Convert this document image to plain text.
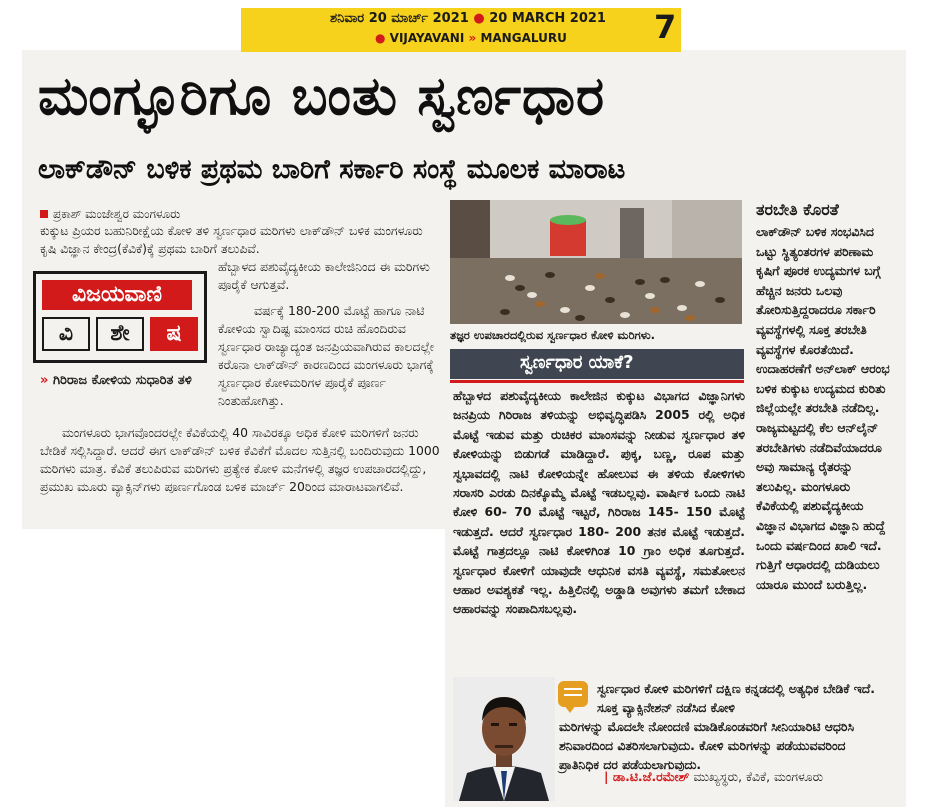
ಶನಿವಾರ 20 ಮಾರ್ಚ್ 2021 ● 20 MARCH 2021
● VIJAYAVANI » MANGALURU	7
ಮಂಗ್ಳೂರಿಗೂ ಬಂತು ಸ್ವರ್ಣಧಾರ
ಲಾಕ್‌ಡೌನ್ ಬಳಿಕ ಪ್ರಥಮ ಬಾರಿಗೆ ಸರ್ಕಾರಿ ಸಂಸ್ಥೆ ಮೂಲಕ ಮಾರಾಟ
ಪ್ರಕಾಶ್ ಮಂಜೇಶ್ವರ ಮಂಗಳೂರು
ಕುಕ್ಕುಟ ಪ್ರಿಯರ ಬಹುನಿರೀಕ್ಷೆಯ ಕೋಳಿ ತಳಿ ಸ್ವರ್ಣಧಾರ ಮರಿಗಳು ಲಾಕ್‌ಡೌನ್ ಬಳಿಕ ಮಂಗಳೂರು ಕೃಷಿ ವಿಜ್ಞಾನ ಕೇಂದ್ರ(ಕೆವಿಕೆ)ಕ್ಕೆ ಪ್ರಥಮ ಬಾರಿಗೆ ತಲುಪಿವೆ.
ವಿಜಯವಾಣಿ
ವಿ	ಶೇ	ಷ
ಹೆಬ್ಬಾಳದ ಪಶುವೈದ್ಯಕೀಯ ಕಾಲೇಜಿನಿಂದ ಈ ಮರಿಗಳು ಪೂರೈಕೆ ಆಗುತ್ತವೆ.
ವರ್ಷಕ್ಕೆ 180-200 ಮೊಟ್ಟೆ ಹಾಗೂ ನಾಟಿ ಕೋಳಿಯ ಸ್ವಾದಿಷ್ಟ ಮಾಂಸದ ರುಚಿ ಹೊಂದಿರುವ ಸ್ವರ್ಣಧಾರ ರಾಜ್ಯಾದ್ಯಂತ ಜನಪ್ರಿಯವಾಗಿರುವ ಕಾಲದಲ್ಲೇ ಕರೊನಾ ಲಾಕ್‌ಡೌನ್ ಕಾರಣದಿಂದ ಮಂಗಳೂರು ಭಾಗಕ್ಕೆ ಸ್ವರ್ಣಧಾರ ಕೋಳಿಮರಿಗಳ ಪೂರೈಕೆ ಪೂರ್ಣ ನಿಂತುಹೋಗಿತ್ತು.
» ಗಿರಿರಾಜ ಕೋಳಿಯ ಸುಧಾರಿತ ತಳಿ
ಮಂಗಳೂರು ಭಾಗವೊಂದರಲ್ಲೇ ಕೆವಿಕೆಯಲ್ಲಿ 40 ಸಾವಿರಕ್ಕೂ ಅಧಿಕ ಕೋಳಿ ಮರಿಗಳಿಗೆ ಜನರು ಬೇಡಿಕೆ ಸಲ್ಲಿಸಿದ್ದಾರೆ. ಆದರೆ ಈಗ ಲಾಕ್‌ಡೌನ್ ಬಳಿಕ ಕೆವಿಕೆಗೆ ಮೊದಲ ಸುತ್ತಿನಲ್ಲಿ ಬಂದಿರುವುದು 1000 ಮರಿಗಳು ಮಾತ್ರ. ಕೆವಿಕೆ ತಲುಪಿರುವ ಮರಿಗಳು ಪ್ರತ್ಯೇಕ ಕೋಳಿ ಮನೆಗಳಲ್ಲಿ ತಜ್ಞರ ಉಪಚಾರದಲ್ಲಿದ್ದು, ಪ್ರಮುಖ ಮೂರು ವ್ಯಾಕ್ಸಿನ್‌ಗಳು ಪೂರ್ಣಗೊಂಡ ಬಳಿಕ ಮಾರ್ಚ್ 20ರಿಂದ ಮಾರಾಟವಾಗಲಿವೆ.
ತಜ್ಞರ ಉಪಚಾರದಲ್ಲಿರುವ ಸ್ವರ್ಣಧಾರ ಕೋಳಿ ಮರಿಗಳು.
ಸ್ವರ್ಣಧಾರ ಯಾಕೆ?
ಹೆಬ್ಬಾಳದ ಪಶುವೈದ್ಯಕೀಯ ಕಾಲೇಜಿನ ಕುಕ್ಕುಟ ವಿಭಾಗದ ವಿಜ್ಞಾನಿಗಳು ಜನಪ್ರಿಯ ಗಿರಿರಾಜ ತಳಿಯನ್ನು ಅಭಿವೃದ್ಧಿಪಡಿಸಿ 2005 ರಲ್ಲಿ ಅಧಿಕ ಮೊಟ್ಟೆ ಇಡುವ ಮತ್ತು ರುಚಿಕರ ಮಾಂಸವನ್ನು ನೀಡುವ ಸ್ವರ್ಣಧಾರ ತಳಿ ಕೋಳಿಯನ್ನು ಬಿಡುಗಡೆ ಮಾಡಿದ್ದಾರೆ. ಪುಕ್ಕ, ಬಣ್ಣ, ರೂಪ ಮತ್ತು ಸ್ವಭಾವದಲ್ಲಿ ನಾಟಿ ಕೋಳಿಯನ್ನೇ ಹೋಲುವ ಈ ತಳಿಯ ಕೋಳಿಗಳು ಸರಾಸರಿ ಎರಡು ದಿನಕ್ಕೊಮ್ಮೆ ಮೊಟ್ಟೆ ಇಡಬಲ್ಲವು. ವಾರ್ಷಿಕ ಒಂದು ನಾಟಿ ಕೋಳಿ 60- 70 ಮೊಟ್ಟೆ ಇಟ್ಟರೆ, ಗಿರಿರಾಜ 145- 150 ಮೊಟ್ಟೆ ಇಡುತ್ತದೆ. ಆದರೆ ಸ್ವರ್ಣಧಾರ 180- 200 ತನಕ ಮೊಟ್ಟೆ ಇಡುತ್ತದೆ. ಮೊಟ್ಟೆ ಗಾತ್ರದಲ್ಲೂ ನಾಟಿ ಕೋಳಿಗಿಂತ 10 ಗ್ರಾಂ ಅಧಿಕ ತೂಗುತ್ತದೆ. ಸ್ವರ್ಣಧಾರ ಕೋಳಿಗೆ ಯಾವುದೇ ಆಧುನಿಕ ವಸತಿ ವ್ಯವಸ್ಥೆ, ಸಮತೋಲನ ಆಹಾರ ಅವಶ್ಯಕತೆ ಇಲ್ಲ. ಹಿತ್ತಿಲಿನಲ್ಲಿ ಅಡ್ಡಾಡಿ ಅವುಗಳು ತಮಗೆ ಬೇಕಾದ ಆಹಾರವನ್ನು ಸಂಪಾದಿಸಬಲ್ಲವು.
ತರಬೇತಿ ಕೊರತೆ
ಲಾಕ್‌ಡೌನ್ ಬಳಿಕ ಸಂಭವಿಸಿದ ಒಟ್ಟು ಸ್ಥಿತ್ಯಂತರಗಳ ಪರಿಣಾಮ ಕೃಷಿಗೆ ಪೂರಕ ಉದ್ಯಮಗಳ ಬಗ್ಗೆ ಹೆಚ್ಚಿನ ಜನರು ಒಲವು ತೋರಿಸುತ್ತಿದ್ದರಾದರೂ ಸರ್ಕಾರಿ ವ್ಯವಸ್ಥೆಗಳಲ್ಲಿ ಸೂಕ್ತ ತರಬೇತಿ ವ್ಯವಸ್ಥೆಗಳ ಕೊರತೆಯಿದೆ. ಉದಾಹರಣೆಗೆ ಅನ್‌ಲಾಕ್ ಆರಂಭ ಬಳಿಕ ಕುಕ್ಕುಟ ಉದ್ಯಮದ ಕುರಿತು ಜಿಲ್ಲೆಯಲ್ಲೇ ತರಬೇತಿ ನಡೆದಿಲ್ಲ. ರಾಜ್ಯಮಟ್ಟದಲ್ಲಿ ಕೆಲ ಆನ್‌ಲೈನ್ ತರಬೇತಿಗಳು ನಡೆದಿವೆಯಾದರೂ ಅವು ಸಾಮಾನ್ಯ ರೈತರನ್ನು ತಲುಪಿಲ್ಲ. ಮಂಗಳೂರು ಕೆವಿಕೆಯಲ್ಲಿ ಪಶುವೈದ್ಯಕೀಯ ವಿಜ್ಞಾನ ವಿಭಾಗದ ವಿಜ್ಞಾನಿ ಹುದ್ದೆ ಒಂದು ವರ್ಷದಿಂದ ಖಾಲಿ ಇದೆ. ಗುತ್ತಿಗೆ ಆಧಾರದಲ್ಲಿ ದುಡಿಯಲು ಯಾರೂ ಮುಂದೆ ಬರುತ್ತಿಲ್ಲ.
ಸ್ವರ್ಣಧಾರ ಕೋಳಿ ಮರಿಗಳಿಗೆ ದಕ್ಷಿಣ ಕನ್ನಡದಲ್ಲಿ ಅತ್ಯಧಿಕ ಬೇಡಿಕೆ ಇದೆ. ಸೂಕ್ತ ವ್ಯಾಕ್ಸಿನೇಶನ್ ನಡೆಸಿದ ಕೋಳಿ
ಮರಿಗಳನ್ನು ಮೊದಲೇ ನೋಂದಣಿ ಮಾಡಿಕೊಂಡವರಿಗೆ ಸೀನಿಯಾರಿಟಿ ಆಧರಿಸಿ ಶನಿವಾರದಿಂದ ವಿತರಿಸಲಾಗುವುದು. ಕೋಳಿ ಮರಿಗಳನ್ನು ಪಡೆಯುವವರಿಂದ ಪ್ರಾತಿನಿಧಿಕ ದರ ಪಡೆಯಲಾಗುವುದು.
| ಡಾ.ಟಿ.ಜೆ.ರಮೇಶ್ ಮುಖ್ಯಸ್ಥರು, ಕೆವಿಕೆ, ಮಂಗಳೂರು
